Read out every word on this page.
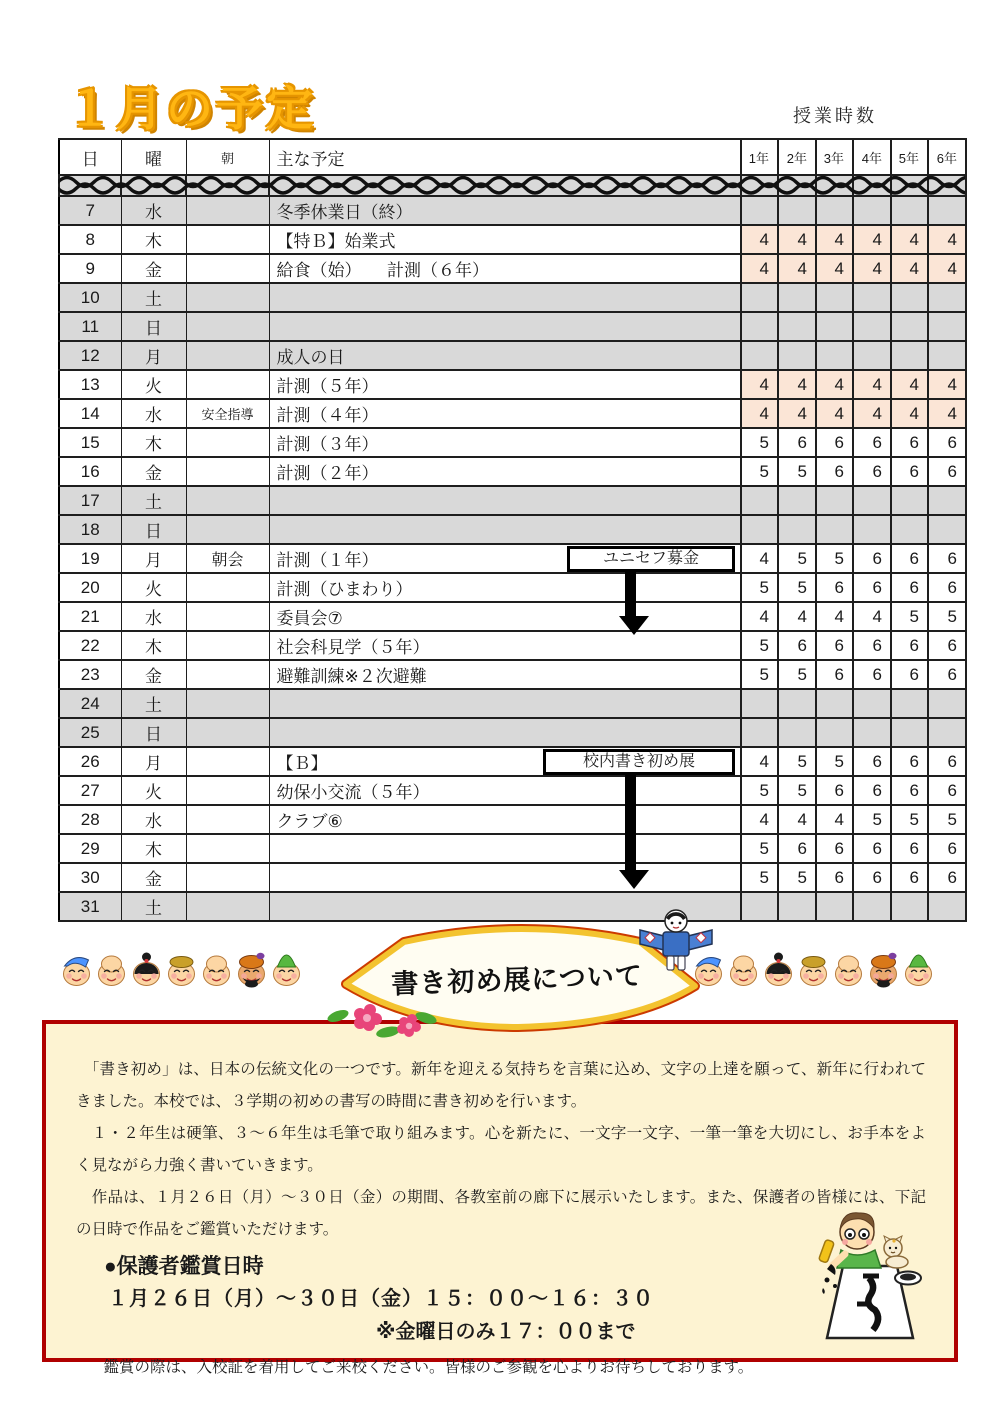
１月の予定	授業時数
日	曜	朝	主な予定	1年	2年	3年	4年	5年	6年

7	水		冬季休業日（終）						
8	木		【特Ｂ】始業式	4	4	4	4	4	4
9	金		給食（始）　　計測（６年）	4	4	4	4	4	4
10	土								
11	日								
12	月		成人の日						
13	火		計測（５年）	4	4	4	4	4	4
14	水	安全指導	計測（４年）	4	4	4	4	4	4
15	木		計測（３年）	5	6	6	6	6	6
16	金		計測（２年）	5	5	6	6	6	6
17	土								
18	日								
19	月	朝会	計測（１年） ユニセフ募金	4	5	5	6	6	6
20	火		計測（ひまわり）	5	5	6	6	6	6
21	水		委員会⑦	4	4	4	4	5	5
22	木		社会科見学（５年）	5	6	6	6	6	6
23	金		避難訓練※２次避難	5	5	6	6	6	6
24	土								
25	日								
26	月		【Ｂ】 校内書き初め展	4	5	5	6	6	6
27	火		幼保小交流（５年）	5	5	6	6	6	6
28	水		クラブ⑥	4	4	4	5	5	5
29	木			5	6	6	6	6	6
30	金			5	5	6	6	6	6
31	土								
書き初め展について

　「書き初め」は、日本の伝統文化の一つです。新年を迎える気持ちを言葉に込め、文字の上達を願って、新年に行われてきました。本校では、３学期の初めの書写の時間に書き初めを行います。

　１・２年生は硬筆、３～６年生は毛筆で取り組みます。心を新たに、一文字一文字、一筆一筆を大切にし、お手本をよく見ながら力強く書いていきます。

　作品は、１月２６日（月）～３０日（金）の期間、各教室前の廊下に展示いたします。また、保護者の皆様には、下記の日時で作品をご鑑賞いただけます。

●保護者鑑賞日時
１月２６日（月）～３０日（金）１５：００～１６：３０
※金曜日のみ１７：００まで

　鑑賞の際は、入校証を着用してご来校ください。皆様のご参観を心よりお待ちしております。
